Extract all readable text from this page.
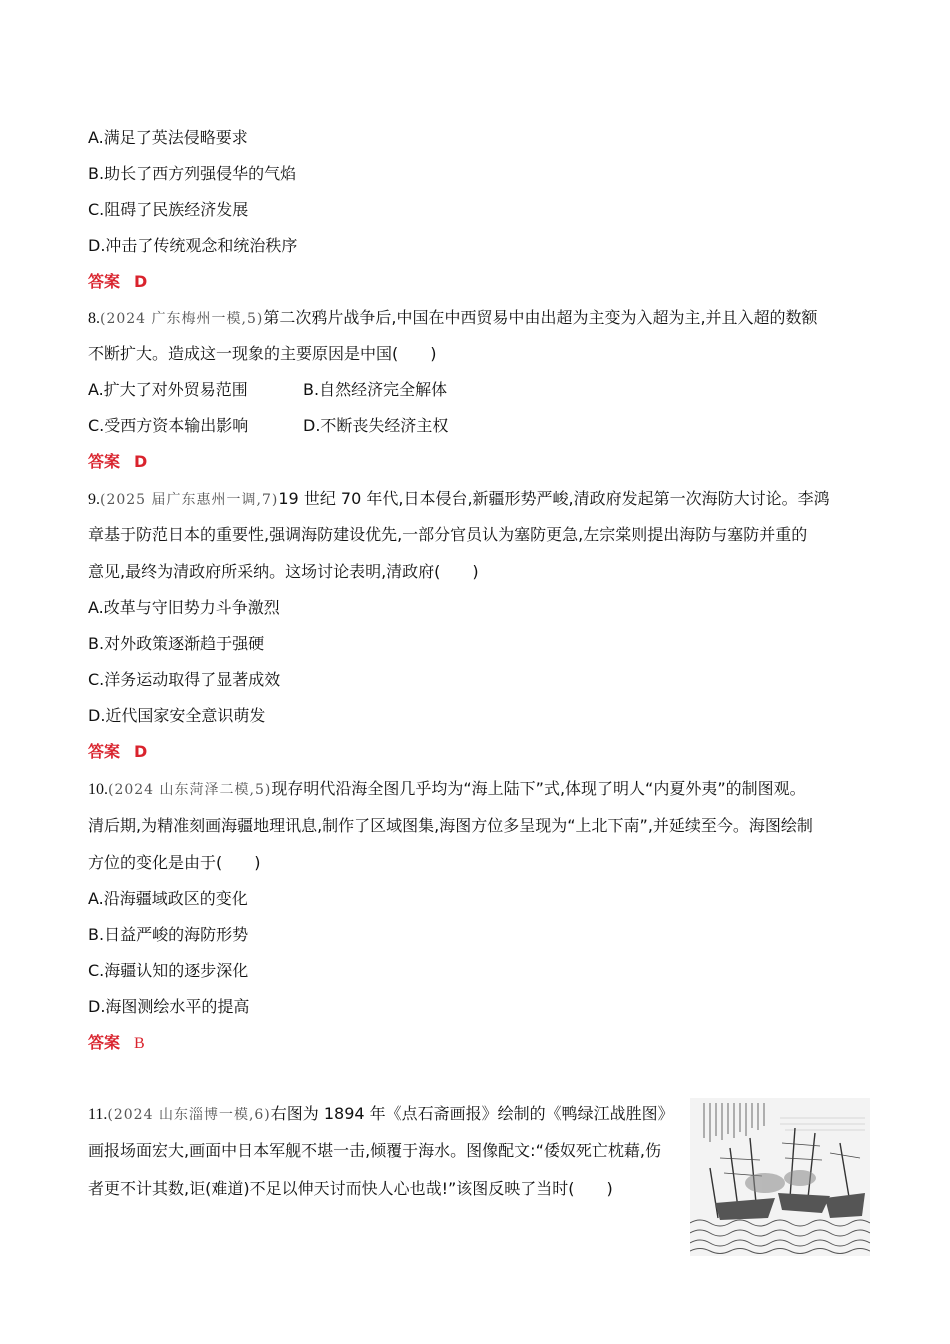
A.满足了英法侵略要求
B.助长了西方列强侵华的气焰
C.阻碍了民族经济发展
D.冲击了传统观念和统治秩序
答案 D
8.(2024 广东梅州一模,5)第二次鸦片战争后,中国在中西贸易中由出超为主变为入超为主,并且入超的数额
不断扩大。造成这一现象的主要原因是中国(　　)
A.扩大了对外贸易范围	B.自然经济完全解体
C.受西方资本输出影响	D.不断丧失经济主权
答案 D
9.(2025 届广东惠州一调,7)19 世纪 70 年代,日本侵台,新疆形势严峻,清政府发起第一次海防大讨论。李鸿
章基于防范日本的重要性,强调海防建设优先,一部分官员认为塞防更急,左宗棠则提出海防与塞防并重的
意见,最终为清政府所采纳。这场讨论表明,清政府(　　)
A.改革与守旧势力斗争激烈
B.对外政策逐渐趋于强硬
C.洋务运动取得了显著成效
D.近代国家安全意识萌发
答案 D
10.(2024 山东菏泽二模,5)现存明代沿海全图几乎均为“海上陆下”式,体现了明人“内夏外夷”的制图观。
清后期,为精准刻画海疆地理讯息,制作了区域图集,海图方位多呈现为“上北下南”,并延续至今。海图绘制
方位的变化是由于(　　)
A.沿海疆域政区的变化
B.日益严峻的海防形势
C.海疆认知的逐步深化
D.海图测绘水平的提高
答案 B
11.(2024 山东淄博一模,6)右图为 1894 年《点石斋画报》绘制的《鸭绿江战胜图》
画报场面宏大,画面中日本军舰不堪一击,倾覆于海水。图像配文:“倭奴死亡枕藉,伤
者更不计其数,讵(难道)不足以伸天讨而快人心也哉!”该图反映了当时(　　)
